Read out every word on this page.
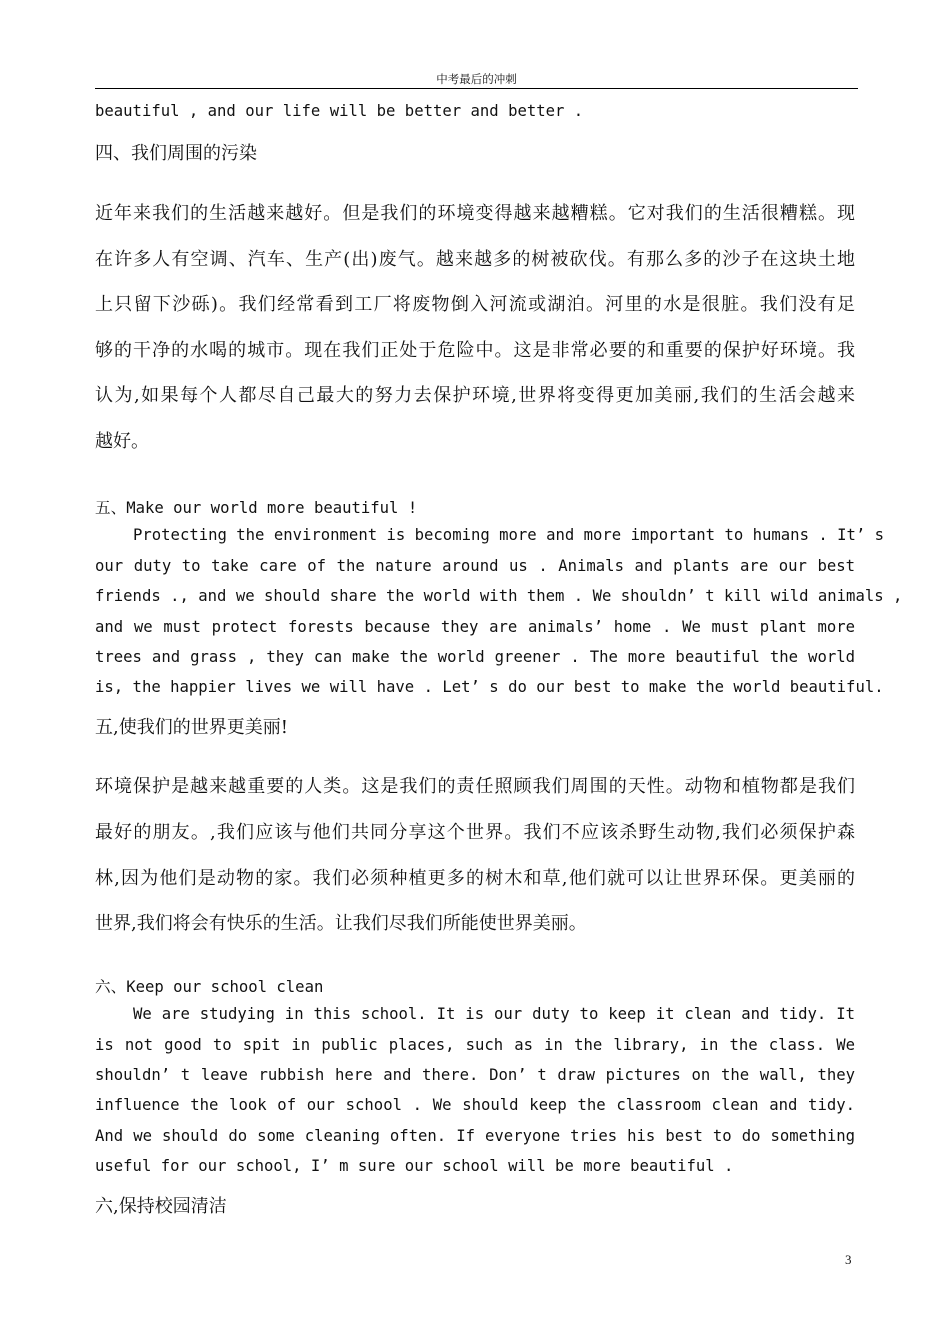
中考最后的冲刺
beautiful , and our life will be better and better .
四、我们周围的污染
近年来我们的生活越来越好。但是我们的环境变得越来越糟糕。它对我们的生活很糟糕。现
在许多人有空调、汽车、生产(出)废气。越来越多的树被砍伐。有那么多的沙子在这块土地
上只留下沙砾)。我们经常看到工厂将废物倒入河流或湖泊。河里的水是很脏。我们没有足
够的干净的水喝的城市。现在我们正处于危险中。这是非常必要的和重要的保护好环境。我
认为,如果每个人都尽自己最大的努力去保护环境,世界将变得更加美丽,我们的生活会越来
越好。
五、Make our world more beautiful !
Protecting the environment is becoming more and more important to humans . It’ s
our duty to take care of the nature around us . Animals and plants are our best
friends ., and we should share the world with them . We shouldn’ t kill wild animals ,
and we must protect forests because they are animals’ home . We must plant more
trees and grass , they can make the world greener . The more beautiful the world
is, the happier lives we will have . Let’ s do our best to make the world beautiful.
五,使我们的世界更美丽!
环境保护是越来越重要的人类。这是我们的责任照顾我们周围的天性。动物和植物都是我们
最好的朋友。,我们应该与他们共同分享这个世界。我们不应该杀野生动物,我们必须保护森
林,因为他们是动物的家。我们必须种植更多的树木和草,他们就可以让世界环保。更美丽的
世界,我们将会有快乐的生活。让我们尽我们所能使世界美丽。
六、Keep our school clean
We are studying in this school. It is our duty to keep it clean and tidy. It
is not good to spit in public places, such as in the library, in the class. We
shouldn’ t leave rubbish here and there. Don’ t draw pictures on the wall, they
influence the look of our school . We should keep the classroom clean and tidy.
And we should do some cleaning often. If everyone tries his best to do something
useful for our school, I’ m sure our school will be more beautiful .
六,保持校园清洁
3
